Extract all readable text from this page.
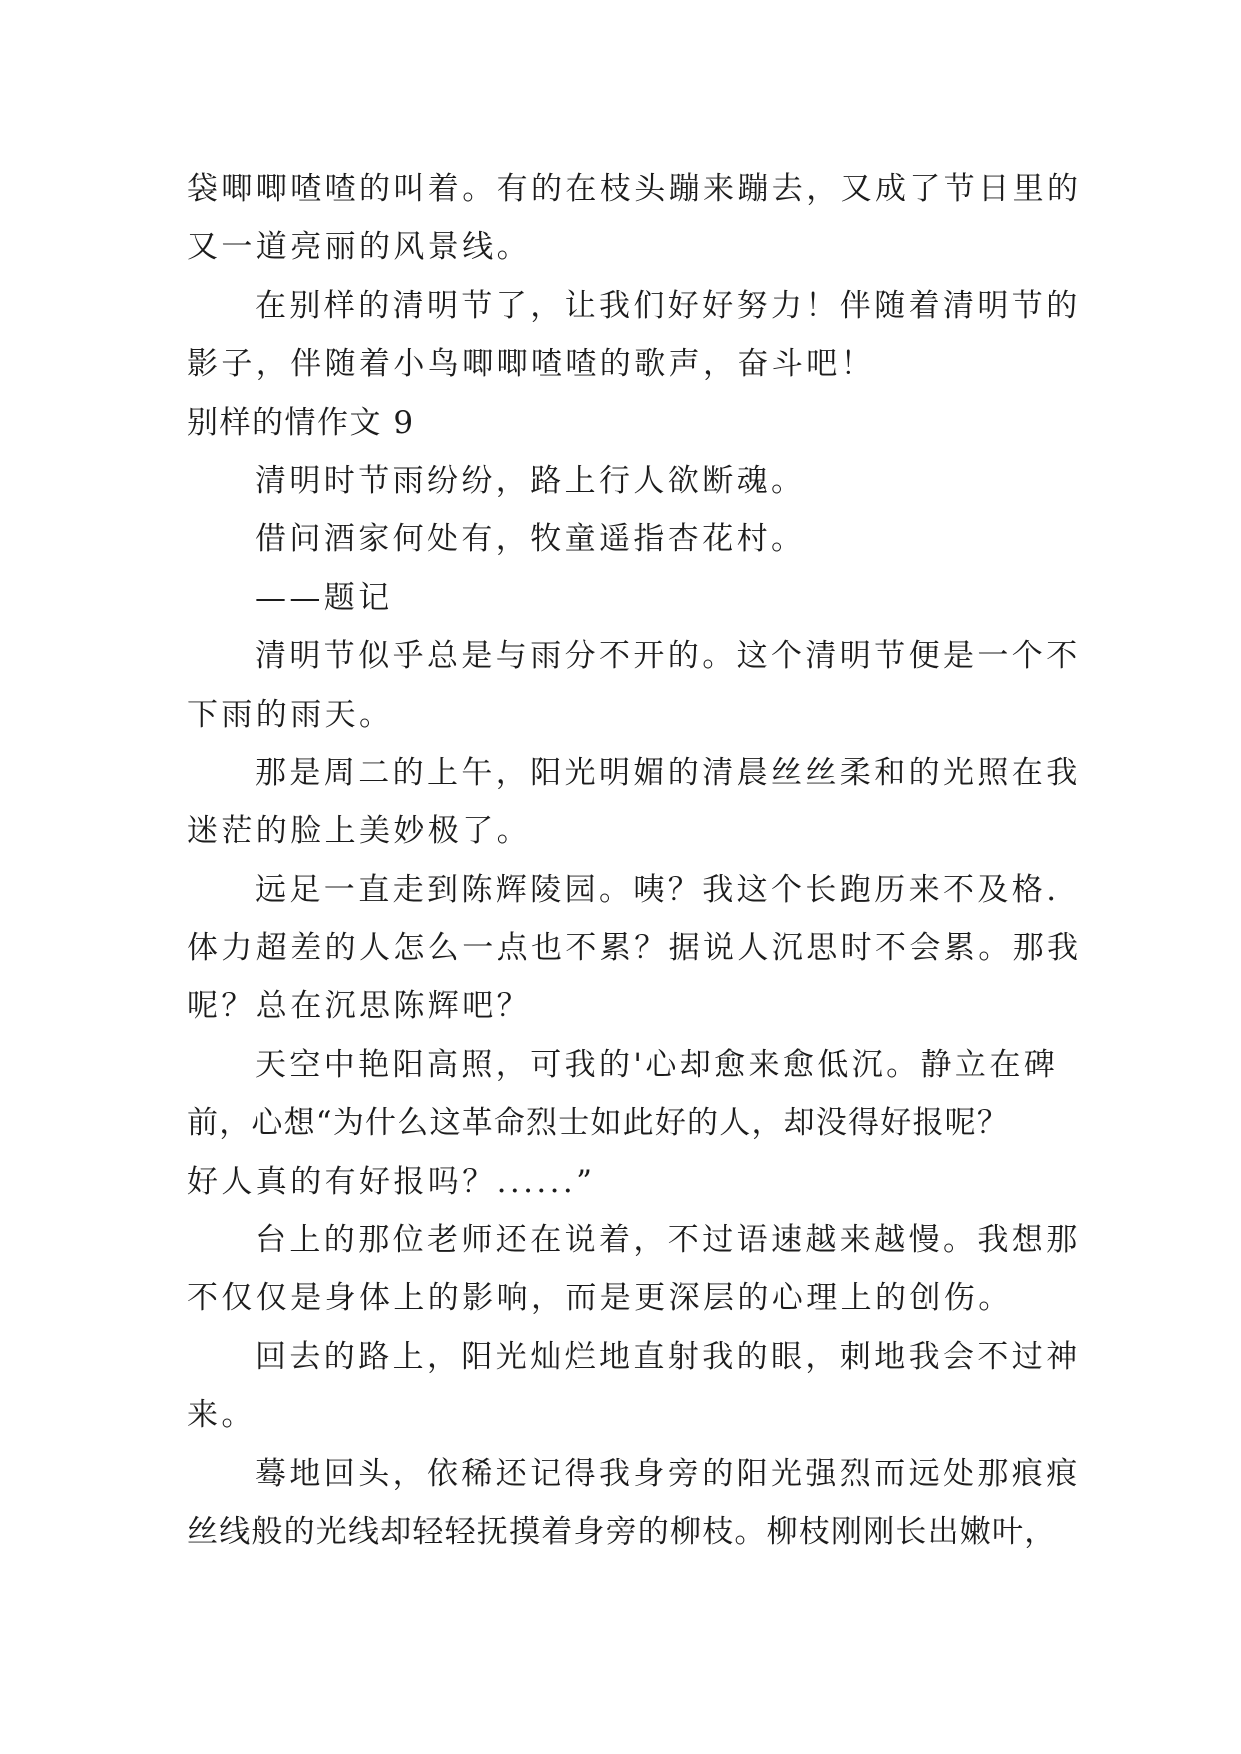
袋唧唧喳喳的叫着。有的在枝头蹦来蹦去，又成了节日里的
又一道亮丽的风景线。
在别样的清明节了，让我们好好努力！伴随着清明节的
影子，伴随着小鸟唧唧喳喳的歌声，奋斗吧！
别样的情作文 9
清明时节雨纷纷，路上行人欲断魂。
借问酒家何处有，牧童遥指杏花村。
——题记
清明节似乎总是与雨分不开的。这个清明节便是一个不
下雨的雨天。
那是周二的上午，阳光明媚的清晨丝丝柔和的光照在我
迷茫的脸上美妙极了。
远足一直走到陈辉陵园。咦？我这个长跑历来不及格.
体力超差的人怎么一点也不累？据说人沉思时不会累。那我
呢？总在沉思陈辉吧？
天空中艳阳高照，可我的'心却愈来愈低沉。静立在碑
前，心想“为什么这革命烈士如此好的人，却没得好报呢？
好人真的有好报吗？......”
台上的那位老师还在说着，不过语速越来越慢。我想那
不仅仅是身体上的影响，而是更深层的心理上的创伤。
回去的路上，阳光灿烂地直射我的眼，刺地我会不过神
来。
蓦地回头，依稀还记得我身旁的阳光强烈而远处那痕痕
丝线般的光线却轻轻抚摸着身旁的柳枝。柳枝刚刚长出嫩叶，
